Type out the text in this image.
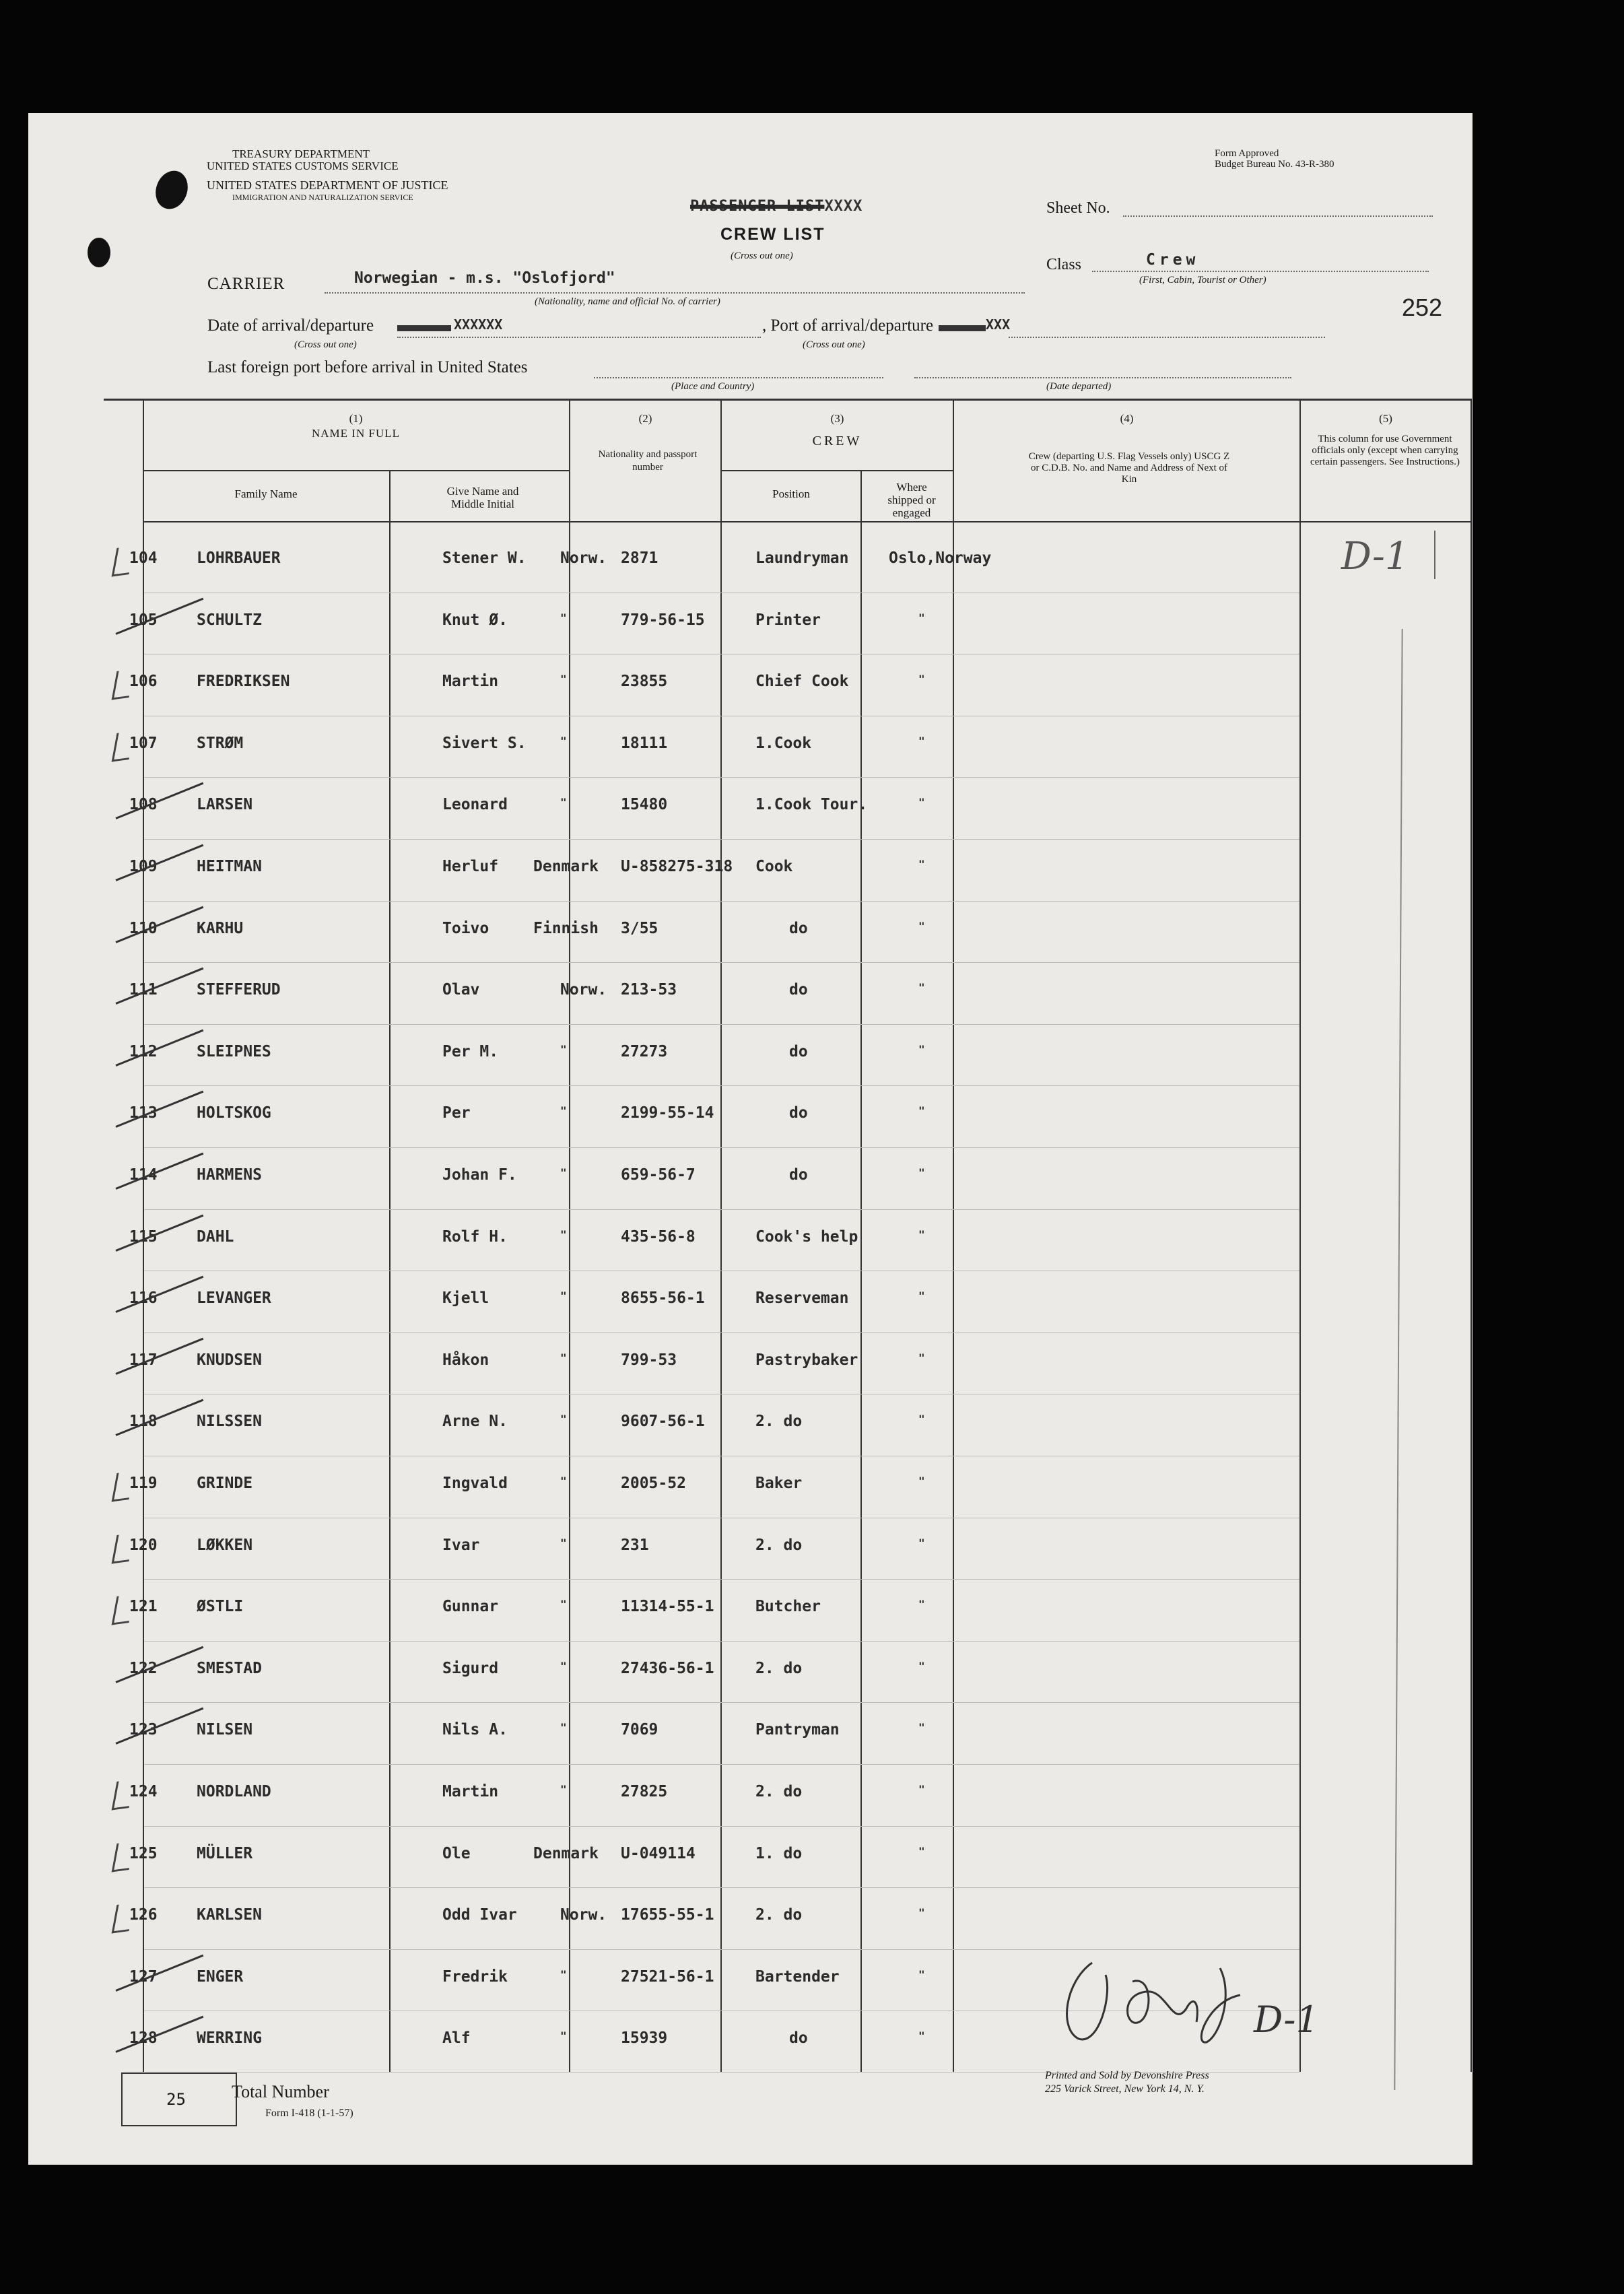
TREASURY DEPARTMENT
UNITED STATES CUSTOMS SERVICE
UNITED STATES DEPARTMENT OF JUSTICE
IMMIGRATION AND NATURALIZATION SERVICE
Form Approved
Budget Bureau No. 43-R-380
PASSENGER LISTXXXX
CREW LIST
(Cross out one)
Sheet No.
Class	Crew
(First, Cabin, Tourist or Other)
252
CARRIER	Norwegian - m.s. "Oslofjord"
(Nationality, name and official No. of carrier)
Date of arrival/departure	XXXXXX
(Cross out one)
, Port of arrival/departure	XXX
(Cross out one)
Last foreign port before arrival in United States
(Place and Country)	(Date departed)
(1)
NAME IN FULL
Family Name	Give Name and Middle Initial
(2)
Nationality and passport number
(3)
CREW
Position
Where shipped or engaged
(4)
Crew (departing U.S. Flag Vessels only) USCG Z or C.D.B. No. and Name and Address of Next of Kin
(5)
This column for use Government officials only (except when carrying certain passengers. See Instructions.)
104	LOHRBAUER	Stener W. Norw. 2871	Laundryman	Oslo,Norway
105	SCHULTZ	Knut Ø.	"	779-56-15	Printer	"
106	FREDRIKSEN	Martin	"	23855	Chief Cook	"
107	STRØM	Sivert S.	"	18111	1.Cook	"
108	LARSEN	Leonard	"	15480	1.Cook Tour.	"
109	HEITMAN	Herluf Denmark U-858275-318 Cook	"
110	KARHU	Toivo	Finnish 3/55	do	"
111	STEFFERUD	Olav	Norw. 213-53	do	"
112	SLEIPNES	Per M.	"	27273	do	"
113	HOLTSKOG	Per	"	2199-55-14	do	"
114	HARMENS	Johan F.	"	659-56-7	do	"
115	DAHL	Rolf H.	"	435-56-8	Cook's help	"
116	LEVANGER	Kjell	"	8655-56-1	Reserveman	"
117	KNUDSEN	Håkon	"	799-53	Pastrybaker	"
118	NILSSEN	Arne N.	"	9607-56-1	2. do	"
119	GRINDE	Ingvald	"	2005-52	Baker	"
120	LØKKEN	Ivar	"	231	2. do	"
121	ØSTLI	Gunnar	"	11314-55-1	Butcher	"
122	SMESTAD	Sigurd	"	27436-56-1	2. do	"
123	NILSEN	Nils A.	"	7069	Pantryman	"
124	NORDLAND	Martin	"	27825	2. do	"
125	MÜLLER	Ole	Denmark U-049114	1. do	"
126	KARLSEN	Odd Ivar	Norw. 17655-55-1	2. do	"
127	ENGER	Fredrik	"	27521-56-1	Bartender	"
128	WERRING	Alf	"	15939	do	"
D-1
D-1
25	Total Number
Form I-418 (1-1-57)
Printed and Sold by Devonshire Press
225 Varick Street, New York 14, N. Y.
